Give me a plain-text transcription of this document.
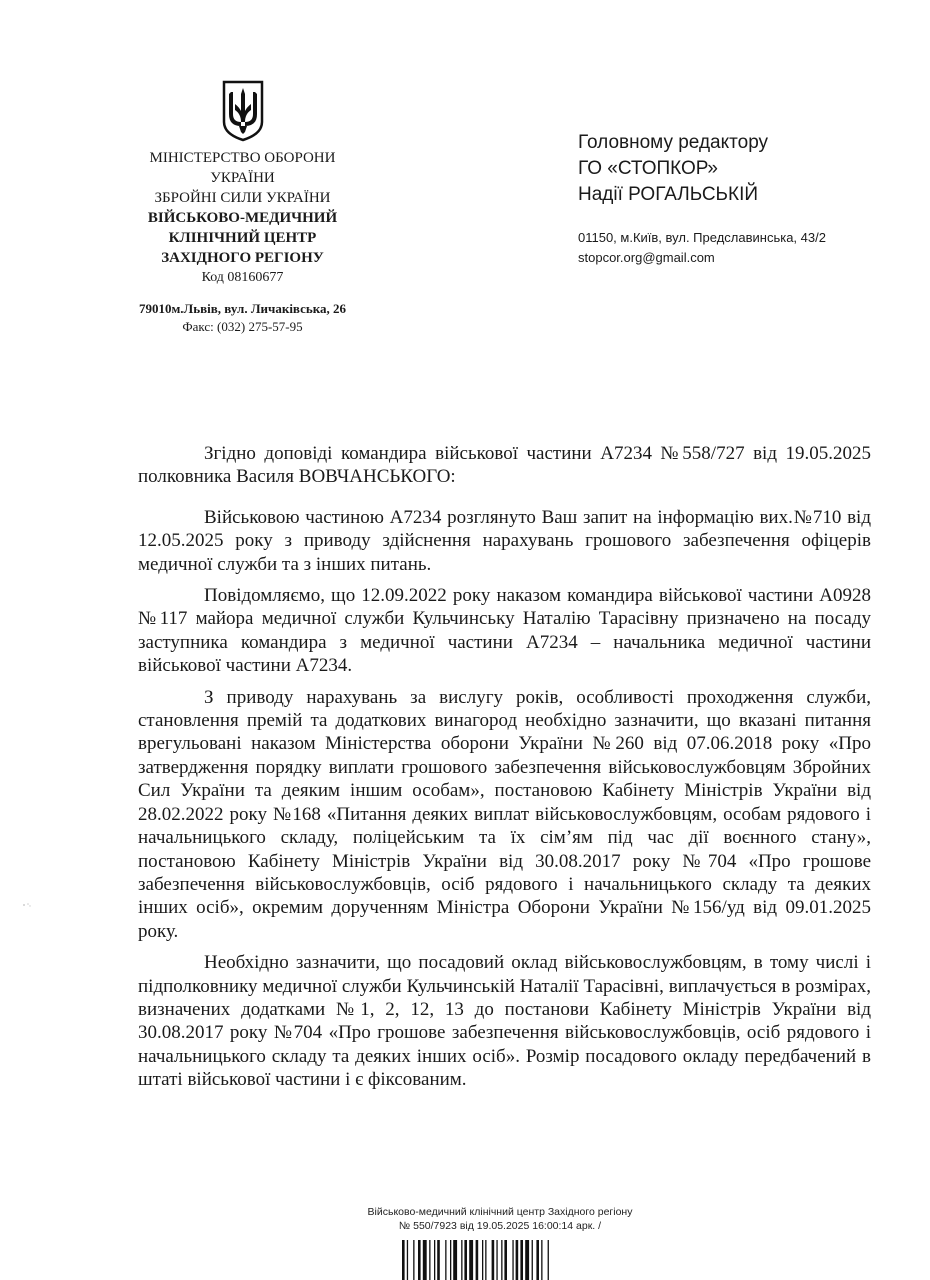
МІНІСТЕРСТВО ОБОРОНИ
УКРАЇНИ
ЗБРОЙНІ СИЛИ УКРАЇНИ
ВІЙСЬКОВО-МЕДИЧНИЙ
КЛІНІЧНИЙ ЦЕНТР
ЗАХІДНОГО РЕГІОНУ
Код 08160677
79010м.Львів, вул. Личаківська, 26
Факс: (032) 275-57-95
Головному редактору
ГО «СТОПКОР»
Надії РОГАЛЬСЬКІЙ
01150, м.Київ, вул. Предславинська, 43/2
stopcor.org@gmail.com

Згідно доповіді командира військової частини А7234 №558/727 від 19.05.2025 полковника Василя ВОВЧАНСЬКОГО:

Військовою частиною А7234 розглянуто Ваш запит на інформацію вих.№710 від 12.05.2025 року з приводу здійснення нарахувань грошового забезпечення офіцерів медичної служби та з інших питань.

Повідомляємо, що 12.09.2022 року наказом командира військової частини А0928 №117 майора медичної служби Кульчинську Наталію Тарасівну призначено на посаду заступника командира з медичної частини А7234 – начальника медичної частини військової частини А7234.

З приводу нарахувань за вислугу років, особливості проходження служби, становлення премій та додаткових винагород необхідно зазначити, що вказані питання врегульовані наказом Міністерства оборони України №260 від 07.06.2018 року «Про затвердження порядку виплати грошового забезпечення військовослужбовцям Збройних Сил України та деяким іншим особам», постановою Кабінету Міністрів України від 28.02.2022 року №168 «Питання деяких виплат військовослужбовцям, особам рядового і начальницького складу, поліцейським та їх сім’ям під час дії воєнного стану», постановою Кабінету Міністрів України від 30.08.2017 року №704 «Про грошове забезпечення військовослужбовців, осіб рядового і начальницького складу та деяких інших осіб», окремим дорученням Міністра Оборони України №156/уд від 09.01.2025 року.

Необхідно зазначити, що посадовий оклад військовослужбовцям, в тому числі і підполковнику медичної служби Кульчинській Наталії Тарасівні, виплачується в розмірах, визначених додатками №1, 2, 12, 13 до постанови Кабінету Міністрів України від 30.08.2017 року №704 «Про грошове забезпечення військовослужбовців, осіб рядового і начальницького складу та деяких інших осіб». Розмір посадового окладу передбачений в штаті військової частини і є фіксованим.

Військово-медичний клінічний центр Західного регіону
№ 550/7923 від 19.05.2025 16:00:14 арк. /
